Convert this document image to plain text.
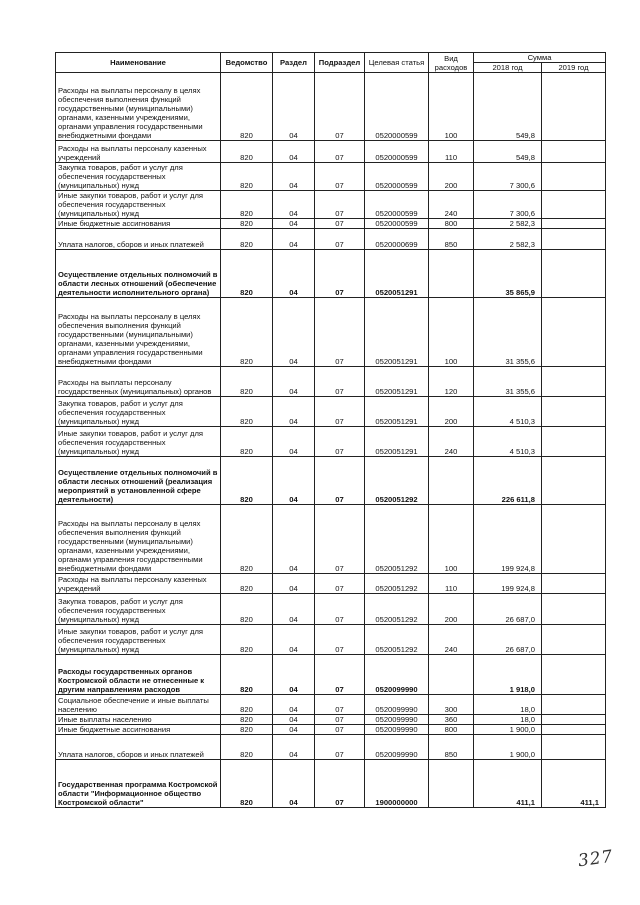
Наименование	Ведомство	Раздел	Подраздел	Целевая статья	Вид расходов	Сумма	
						2018 год	2019 год
Расходы на выплаты персоналу в целях обеспечения выполнения функций государственными (муниципальными) органами, казенными учреждениями, органами управления государственными внебюджетными фондами	820	04	07	0520000599	100	549,8	
Расходы на выплаты персоналу казенных учреждений	820	04	07	0520000599	110	549,8	
Закупка товаров, работ и услуг для обеспечения государственных (муниципальных) нужд	820	04	07	0520000599	200	7 300,6	
Иные закупки товаров, работ и услуг для обеспечения государственных (муниципальных) нужд	820	04	07	0520000599	240	7 300,6	
Иные бюджетные ассигнования	820	04	07	0520000599	800	2 582,3	
Уплата налогов, сборов и иных платежей	820	04	07	0520000699	850	2 582,3	
Осуществление отдельных полномочий в области лесных отношений (обеспечение деятельности исполнительного органа)	820	04	07	0520051291		35 865,9	
Расходы на выплаты персоналу в целях обеспечения выполнения функций государственными (муниципальными) органами, казенными учреждениями, органами управления государственными внебюджетными фондами	820	04	07	0520051291	100	31 355,6	
Расходы на выплаты персоналу государственных (муниципальных) органов	820	04	07	0520051291	120	31 355,6	
Закупка товаров, работ и услуг для обеспечения государственных (муниципальных) нужд	820	04	07	0520051291	200	4 510,3	
Иные закупки товаров, работ и услуг для обеспечения государственных (муниципальных) нужд	820	04	07	0520051291	240	4 510,3	
Осуществление отдельных полномочий в области лесных отношений (реализация мероприятий в установленной сфере деятельности)	820	04	07	0520051292		226 611,8	
Расходы на выплаты персоналу в целях обеспечения выполнения функций государственными (муниципальными) органами, казенными учреждениями, органами управления государственными внебюджетными фондами	820	04	07	0520051292	100	199 924,8	
Расходы на выплаты персоналу казенных учреждений	820	04	07	0520051292	110	199 924,8	
Закупка товаров, работ и услуг для обеспечения государственных (муниципальных) нужд	820	04	07	0520051292	200	26 687,0	
Иные закупки товаров, работ и услуг для обеспечения государственных (муниципальных) нужд	820	04	07	0520051292	240	26 687,0	
Расходы государственных органов Костромской области не отнесенные к другим направлениям расходов	820	04	07	0520099990		1 918,0	
Социальное обеспечение и иные выплаты населению	820	04	07	0520099990	300	18,0	
Иные выплаты населению	820	04	07	0520099990	360	18,0	
Иные бюджетные ассигнования	820	04	07	0520099990	800	1 900,0	
Уплата налогов, сборов и иных платежей	820	04	07	0520099990	850	1 900,0	
Государственная программа Костромской области "Информационное общество Костромской области"	820	04	07	1900000000		411,1	411,1
327
